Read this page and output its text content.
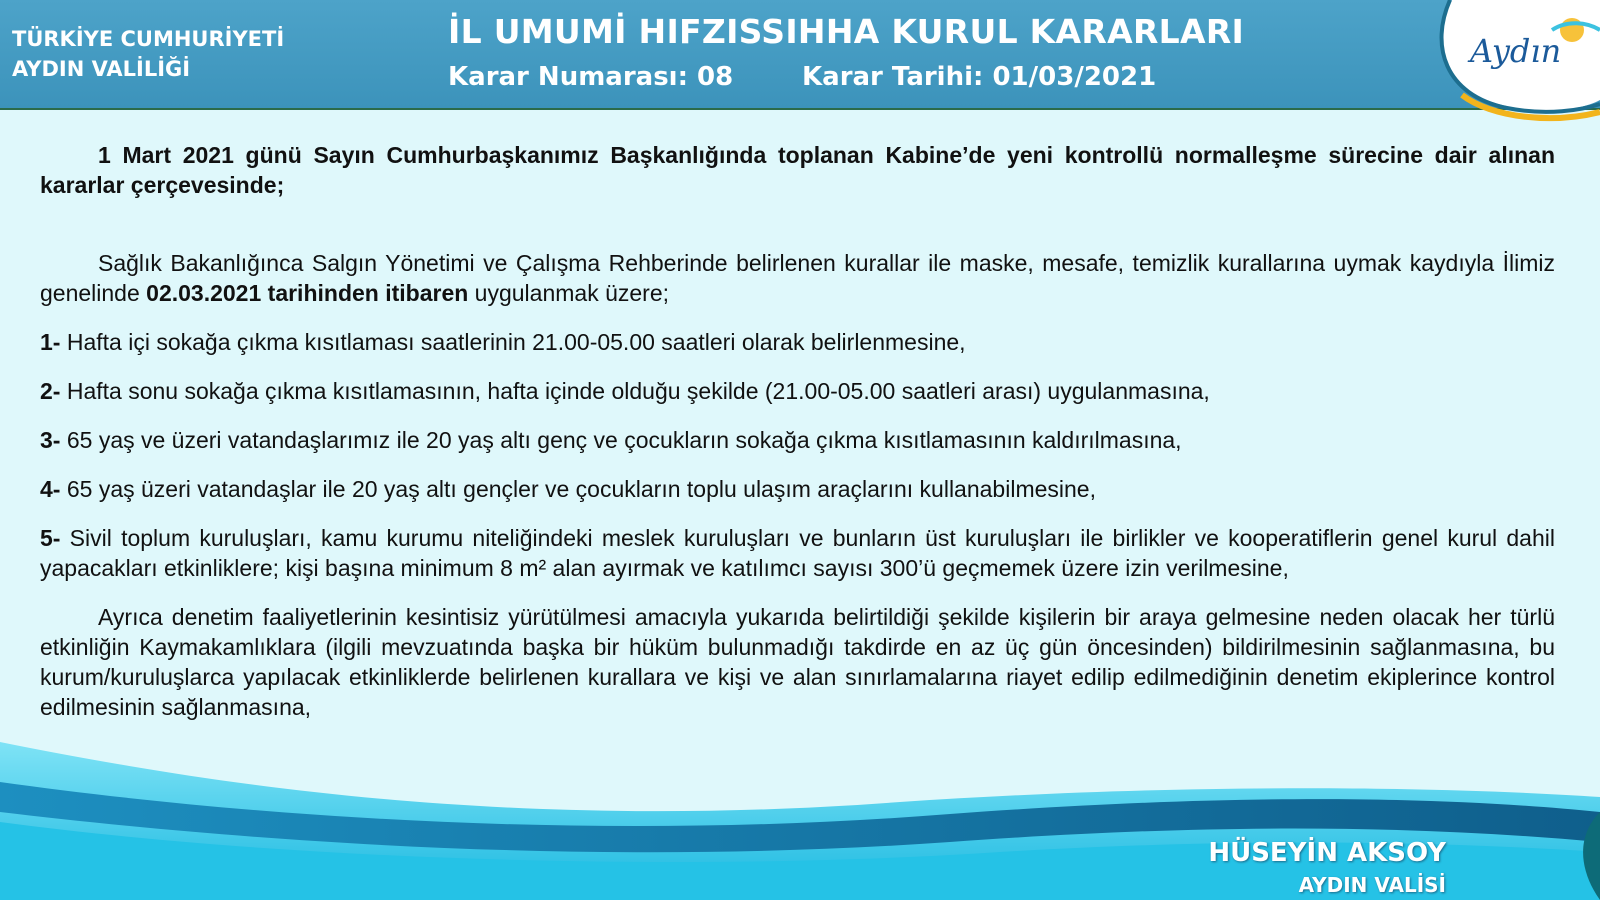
TÜRKİYE CUMHURİYETİ
AYDIN VALİLİĞİ
İL UMUMİ HIFZISSIHHA KURUL KARARLARI
Karar Numarası: 08	Karar Tarihi: 01/03/2021
Aydın

1 Mart 2021 günü Sayın Cumhurbaşkanımız Başkanlığında toplanan Kabine’de yeni kontrollü normalleşme sürecine dair alınan kararlar çerçevesinde;

Sağlık Bakanlığınca Salgın Yönetimi ve Çalışma Rehberinde belirlenen kurallar ile maske, mesafe, temizlik kurallarına uymak kaydıyla İlimiz genelinde 02.03.2021 tarihinden itibaren uygulanmak üzere;

1- Hafta içi sokağa çıkma kısıtlaması saatlerinin 21.00-05.00 saatleri olarak belirlenmesine,

2- Hafta sonu sokağa çıkma kısıtlamasının, hafta içinde olduğu şekilde (21.00-05.00 saatleri arası) uygulanmasına,

3- 65 yaş ve üzeri vatandaşlarımız ile 20 yaş altı genç ve çocukların sokağa çıkma kısıtlamasının kaldırılmasına,

4- 65 yaş üzeri vatandaşlar ile 20 yaş altı gençler ve çocukların toplu ulaşım araçlarını kullanabilmesine,

5- Sivil toplum kuruluşları, kamu kurumu niteliğindeki meslek kuruluşları ve bunların üst kuruluşları ile birlikler ve kooperatiflerin genel kurul dahil yapacakları etkinliklere; kişi başına minimum 8 m² alan ayırmak ve katılımcı sayısı 300’ü geçmemek üzere izin verilmesine,

Ayrıca denetim faaliyetlerinin kesintisiz yürütülmesi amacıyla yukarıda belirtildiği şekilde kişilerin bir araya gelmesine neden olacak her türlü etkinliğin Kaymakamlıklara (ilgili mevzuatında başka bir hüküm bulunmadığı takdirde en az üç gün öncesinden) bildirilmesinin sağlanmasına, bu kurum/kuruluşlarca yapılacak etkinliklerde belirlenen kurallara ve kişi ve alan sınırlamalarına riayet edilip edilmediğinin denetim ekiplerince kontrol edilmesinin sağlanmasına,

HÜSEYİN AKSOY
AYDIN VALİSİ
